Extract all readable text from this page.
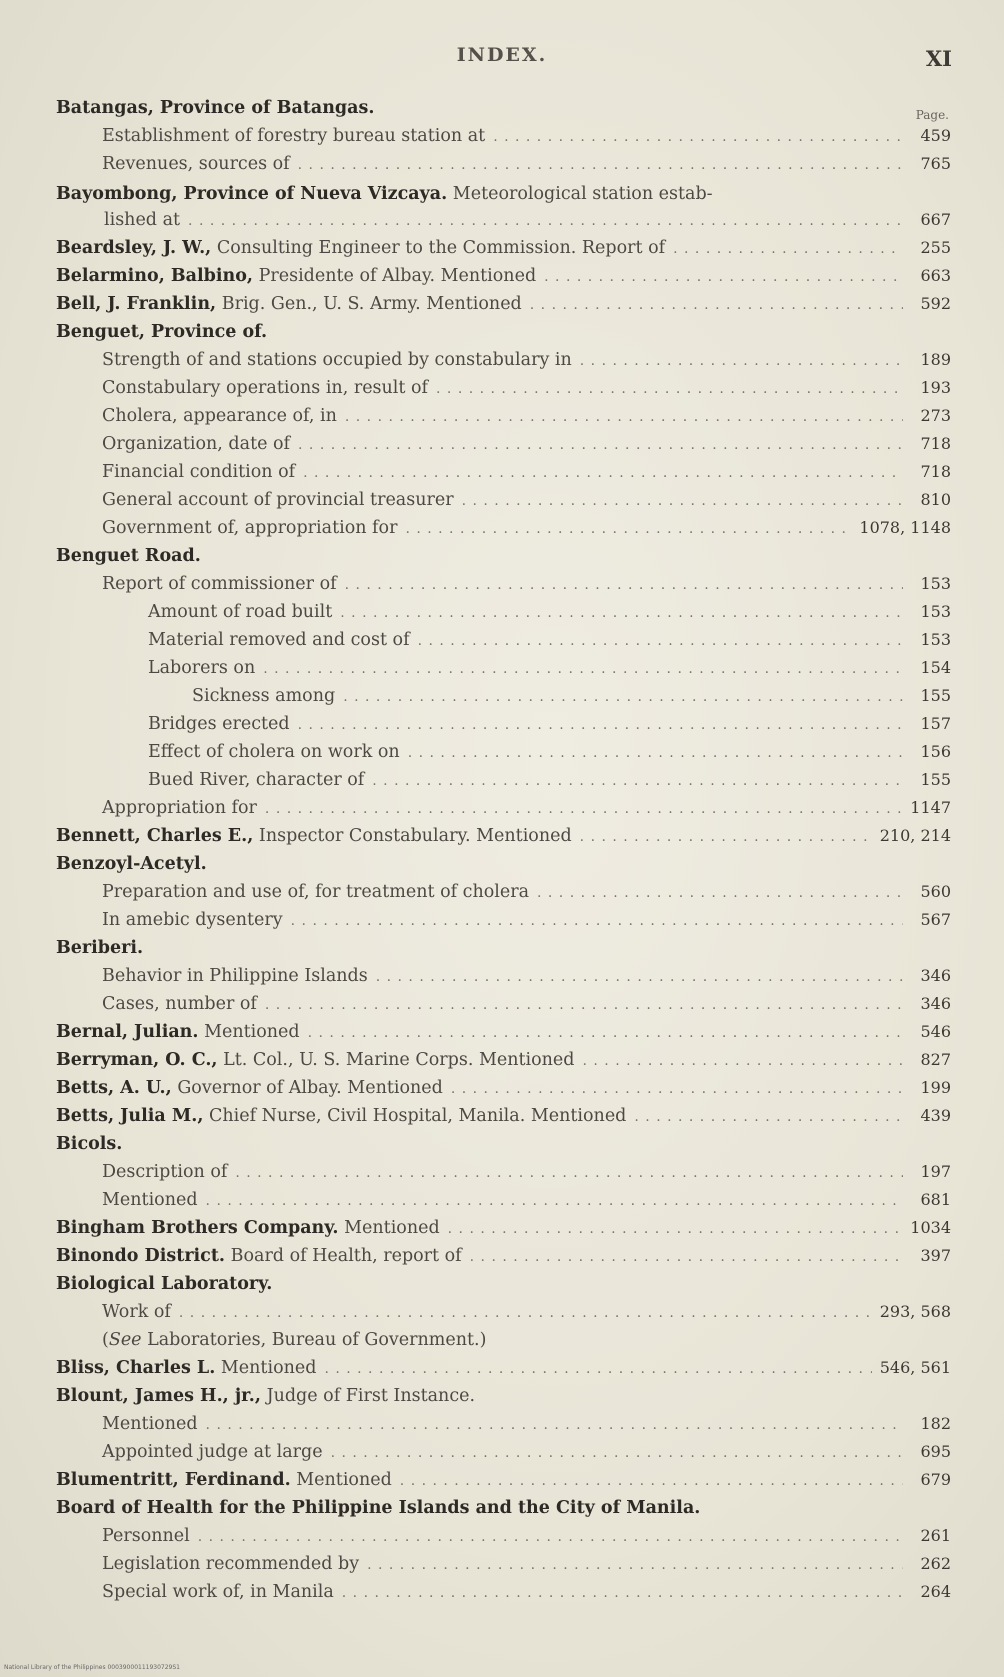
INDEX.	XI
Page.
Batangas, Province of Batangas.
Establishment of forestry bureau station at . . .	459
Revenues, sources of . . .	765
Bayombong, Province of Nueva Vizcaya. Meteorological station estab-
lished at . . .	667
Beardsley, J. W., Consulting Engineer to the Commission. Report of . . .	255
Belarmino, Balbino, Presidente of Albay. Mentioned . . .	663
Bell, J. Franklin, Brig. Gen., U. S. Army. Mentioned . . .	592
Benguet, Province of.
Strength of and stations occupied by constabulary in . . .	189
Constabulary operations in, result of . . .	193
Cholera, appearance of, in . . .	273
Organization, date of . . .	718
Financial condition of . . .	718
General account of provincial treasurer . . .	810
Government of, appropriation for . . .	1078, 1148
Benguet Road.
Report of commissioner of . . .	153
Amount of road built . . .	153
Material removed and cost of . . .	153
Laborers on . . .	154
Sickness among . . .	155
Bridges erected . . .	157
Effect of cholera on work on . . .	156
Bued River, character of . . .	155
Appropriation for . . .	1147
Bennett, Charles E., Inspector Constabulary. Mentioned . . .	210, 214
Benzoyl-Acetyl.
Preparation and use of, for treatment of cholera . . .	560
In amebic dysentery . . .	567
Beriberi.
Behavior in Philippine Islands . . .	346
Cases, number of . . .	346
Bernal, Julian. Mentioned . . .	546
Berryman, O. C., Lt. Col., U. S. Marine Corps. Mentioned . . .	827
Betts, A. U., Governor of Albay. Mentioned . . .	199
Betts, Julia M., Chief Nurse, Civil Hospital, Manila. Mentioned . . .	439
Bicols.
Description of . . .	197
Mentioned . . .	681
Bingham Brothers Company. Mentioned . . .	1034
Binondo District. Board of Health, report of . . .	397
Biological Laboratory.
Work of . . .	293, 568
(See Laboratories, Bureau of Government.)
Bliss, Charles L. Mentioned . . .	546, 561
Blount, James H., jr., Judge of First Instance.
Mentioned . . .	182
Appointed judge at large . . .	695
Blumentritt, Ferdinand. Mentioned . . .	679
Board of Health for the Philippine Islands and the City of Manila.
Personnel . . .	261
Legislation recommended by . . .	262
Special work of, in Manila . . .	264
National Library of the Philippines 00039000111930729S1
